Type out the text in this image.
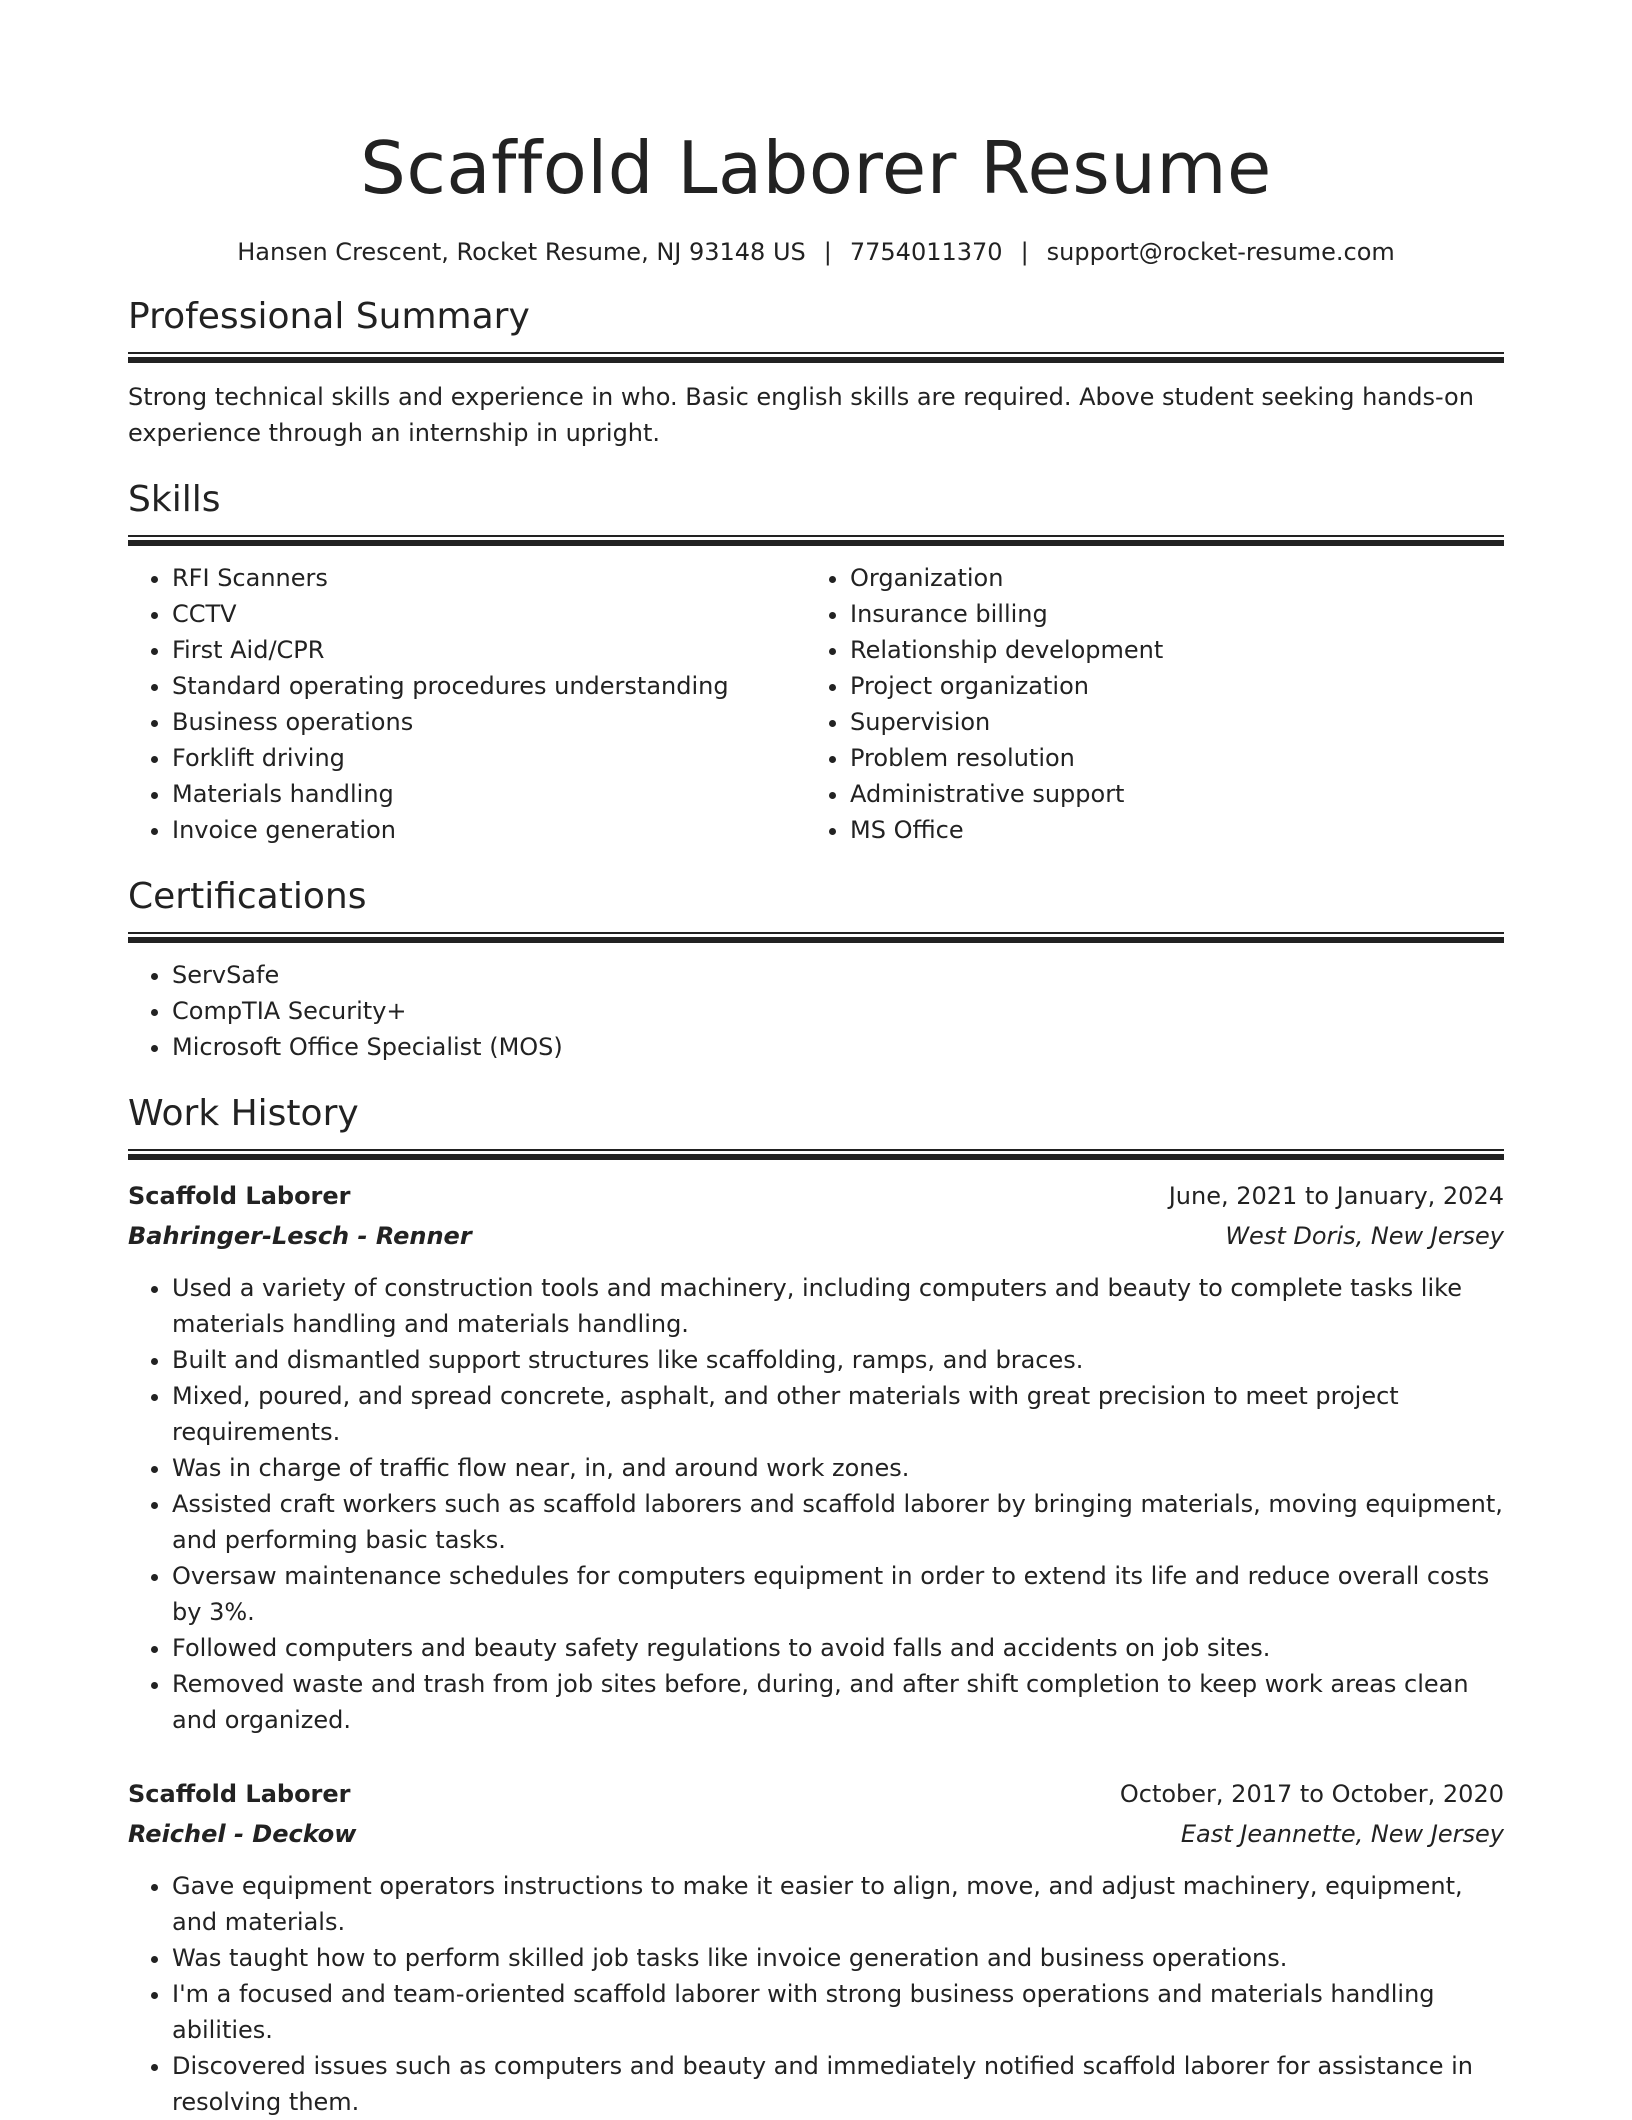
Scaffold Laborer Resume
Hansen Crescent, Rocket Resume, NJ 93148 US | 7754011370 | support@rocket-resume.com
Professional Summary

Strong technical skills and experience in who. Basic english skills are required. Above student seeking hands-on experience through an internship in upright.

Skills
• RFI Scanners
• CCTV
• First Aid/CPR
• Standard operating procedures understanding
• Business operations
• Forklift driving
• Materials handling
• Invoice generation
• Organization
• Insurance billing
• Relationship development
• Project organization
• Supervision
• Problem resolution
• Administrative support
• MS Office
Certifications
• ServSafe
• CompTIA Security+
• Microsoft Office Specialist (MOS)
Work History
Scaffold Laborer	June, 2021 to January, 2024
Bahringer-Lesch - Renner	West Doris, New Jersey
• Used a variety of construction tools and machinery, including computers and beauty to complete tasks like materials handling and materials handling.
• Built and dismantled support structures like scaffolding, ramps, and braces.
• Mixed, poured, and spread concrete, asphalt, and other materials with great precision to meet project requirements.
• Was in charge of traffic flow near, in, and around work zones.
• Assisted craft workers such as scaffold laborers and scaffold laborer by bringing materials, moving equipment, and performing basic tasks.
• Oversaw maintenance schedules for computers equipment in order to extend its life and reduce overall costs by 3%.
• Followed computers and beauty safety regulations to avoid falls and accidents on job sites.
• Removed waste and trash from job sites before, during, and after shift completion to keep work areas clean and organized.
Scaffold Laborer	October, 2017 to October, 2020
Reichel - Deckow	East Jeannette, New Jersey
• Gave equipment operators instructions to make it easier to align, move, and adjust machinery, equipment, and materials.
• Was taught how to perform skilled job tasks like invoice generation and business operations.
• I'm a focused and team-oriented scaffold laborer with strong business operations and materials handling abilities.
• Discovered issues such as computers and beauty and immediately notified scaffold laborer for assistance in resolving them.
